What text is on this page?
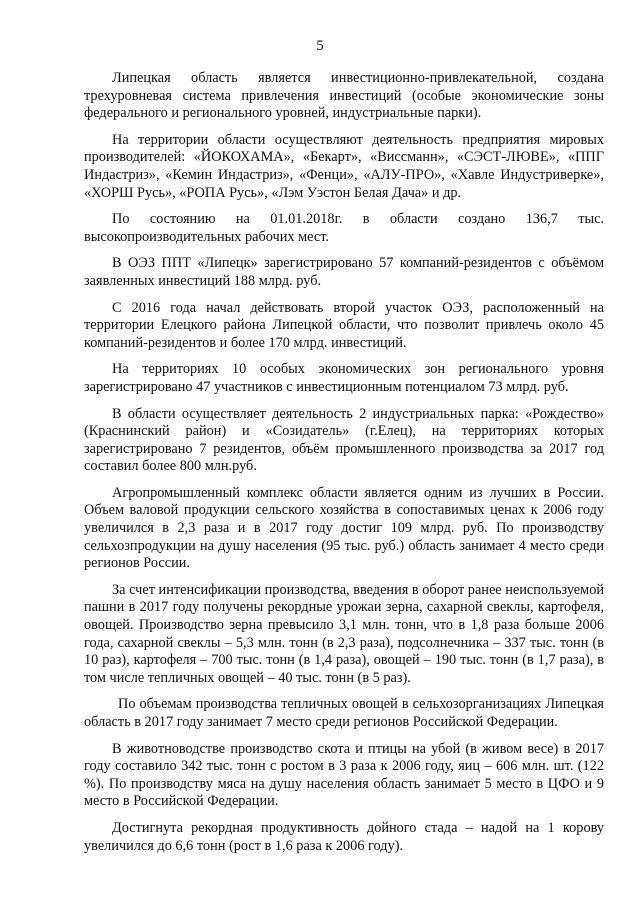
5

Липецкая область является инвестиционно-привлекательной, создана трехуровневая система привлечения инвестиций (особые экономические зоны федерального и регионального уровней, индустриальные парки).

На территории области осуществляют деятельность предприятия мировых производителей: «ЙОКОХАМА», «Бекарт», «Виссманн», «СЭСТ-ЛЮВЕ», «ППГ Индастриз», «Кемин Индастриз», «Фенци», «АЛУ-ПРО», «Хавле Индустриверке», «ХОРШ Русь», «РОПА Русь», «Лэм Уэстон Белая Дача» и др.

По состоянию на 01.01.2018г. в области создано 136,7 тыс. высокопроизводительных рабочих мест.

В ОЭЗ ППТ «Липецк» зарегистрировано 57 компаний-резидентов с объёмом заявленных инвестиций 188 млрд. руб.

С 2016 года начал действовать второй участок ОЭЗ, расположенный на территории Елецкого района Липецкой области, что позволит привлечь около 45 компаний-резидентов и более 170 млрд. инвестиций.

На территориях 10 особых экономических зон регионального уровня зарегистрировано 47 участников с инвестиционным потенциалом 73 млрд. руб.

В области осуществляет деятельность 2 индустриальных парка: «Рождество» (Краснинский район) и «Созидатель» (г.Елец), на территориях которых зарегистрировано 7 резидентов, объём промышленного производства за 2017 год составил более 800 млн.руб.

Агропромышленный комплекс области является одним из лучших в России. Объем валовой продукции сельского хозяйства в сопоставимых ценах к 2006 году увеличился в 2,3 раза и в 2017 году достиг 109 млрд. руб. По производству сельхозпродукции на душу населения (95 тыс. руб.) область занимает 4 место среди регионов России.

За счет интенсификации производства, введения в оборот ранее неиспользуемой пашни в 2017 году получены рекордные урожаи зерна, сахарной свеклы, картофеля, овощей. Производство зерна превысило 3,1 млн. тонн, что в 1,8 раза больше 2006 года, сахарной свеклы – 5,3 млн. тонн (в 2,3 раза), подсолнечника – 337 тыс. тонн (в 10 раз), картофеля – 700 тыс. тонн (в 1,4 раза), овощей – 190 тыс. тонн (в 1,7 раза), в том числе тепличных овощей – 40 тыс. тонн (в 5 раз).

По объемам производства тепличных овощей в сельхозорганизациях Липецкая область в 2017 году занимает 7 место среди регионов Российской Федерации.

В животноводстве производство скота и птицы на убой (в живом весе) в 2017 году составило 342 тыс. тонн с ростом в 3 раза к 2006 году, яиц – 606 млн. шт. (122 %). По производству мяса на душу населения область занимает 5 место в ЦФО и 9 место в Российской Федерации.

Достигнута рекордная продуктивность дойного стада – надой на 1 корову увеличился до 6,6 тонн (рост в 1,6 раза к 2006 году).
